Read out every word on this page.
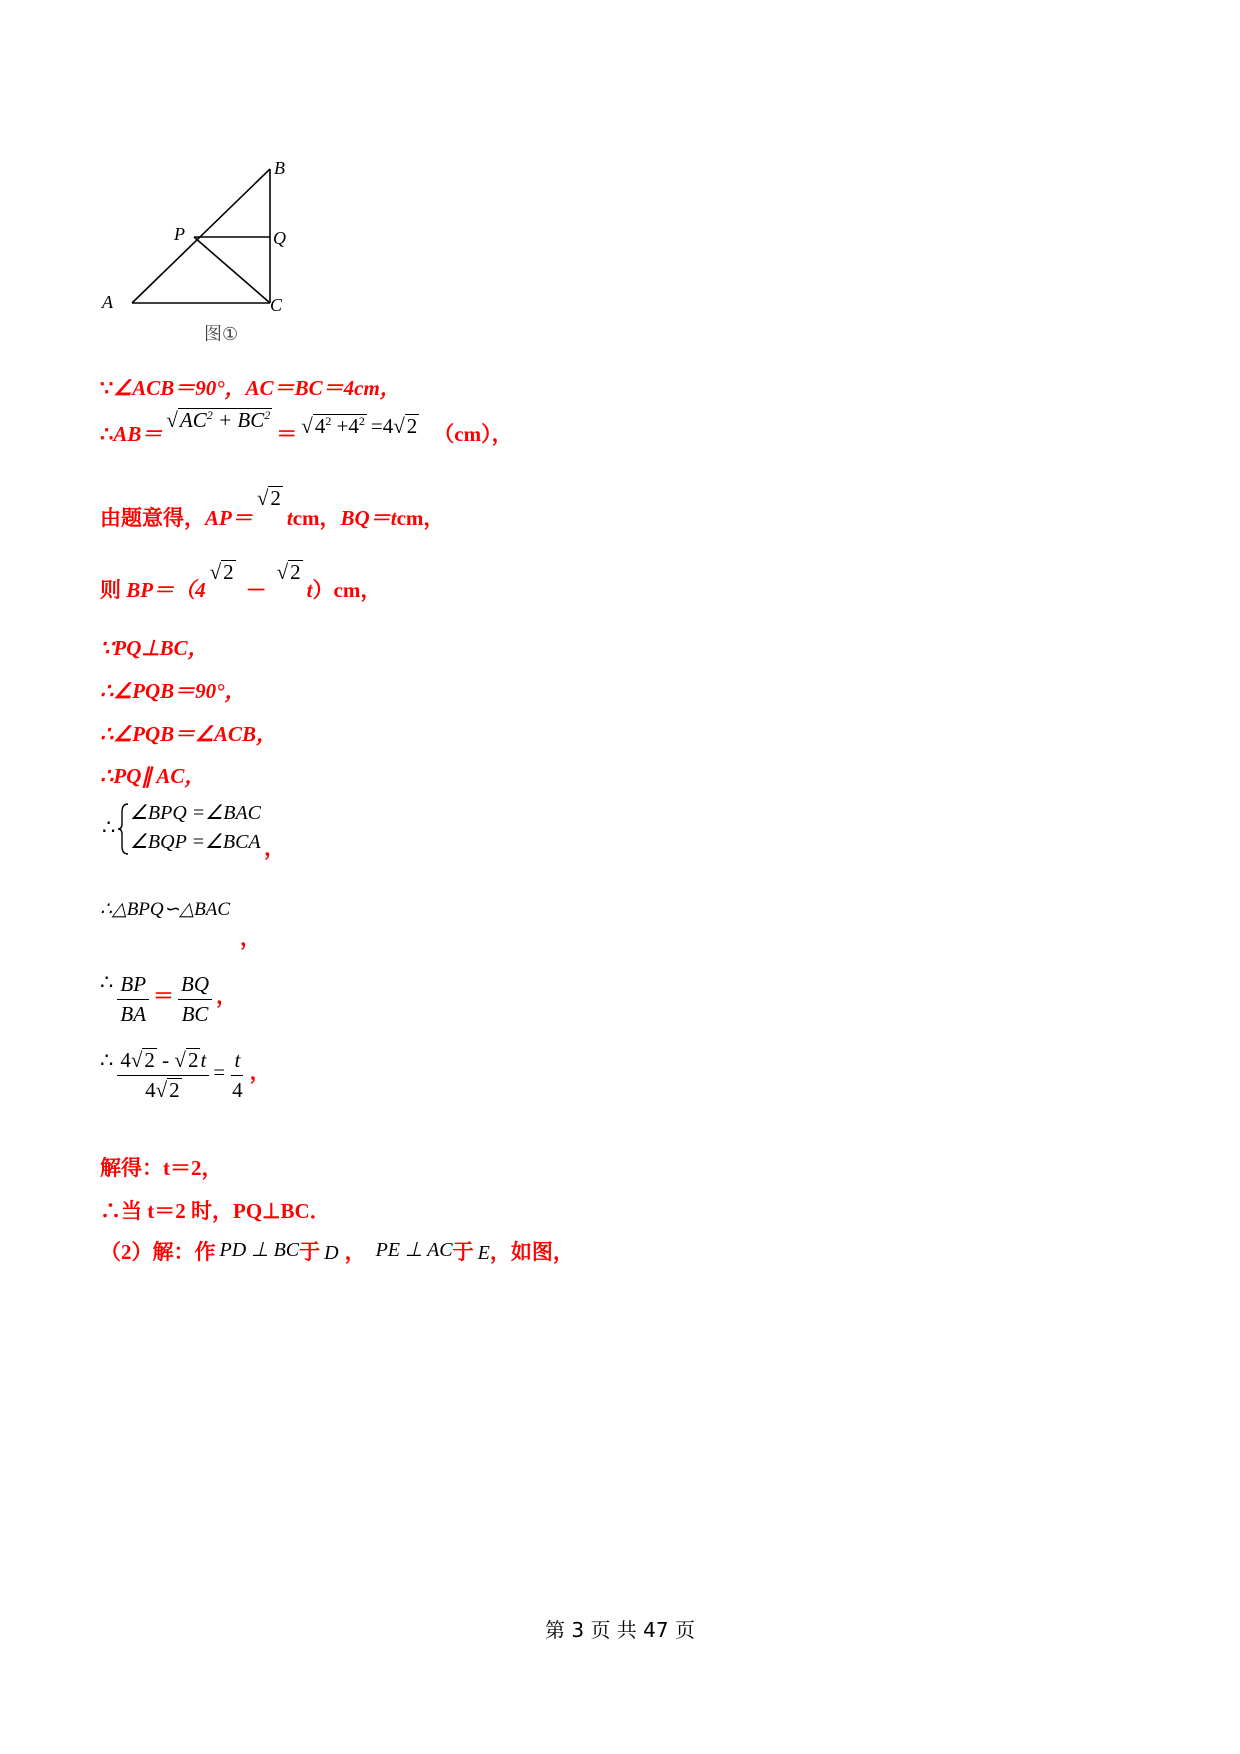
B
P	Q
A	C
图①
∵∠ACB＝90°，AC＝BC＝4cm，
∴AB＝ $√AC^2 + BC^2 = √4^2 +4^2 =4√2$ （cm），
由题意得，AP＝ √2 tcm，BQ＝tcm，
则 BP＝（4 √2 － √2 t）cm，
∵PQ⊥BC，
∴∠PQB＝90°，
∴∠PQB＝∠ACB，
∴PQ∥ AC，
∴
∠BPQ =∠BAC
∠BQP =∠BCA ，
∴△BPQ∽△BAC
，
∴ $\frac{BP}{BA} = \frac{BQ}{BC}$ ，
∴ $\frac{4√2 - √2t}{4√2} = \frac{t}{4}$ ，
解得：t＝2，
∴当 t＝2 时，PQ⊥BC．
（2）解：作 PD ⊥ BC于 D ， PE ⊥ AC于 E，如图，
第 3 页 共 47 页
